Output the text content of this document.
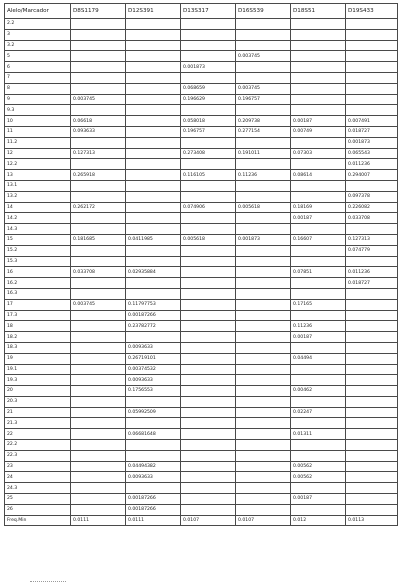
Alelo/Marcador	D8S1179	D12S391	D13S317	D16S539	D18S51	D19S433
2.2						
3						
3.2						
5				0.003745		
6			0.001873			
7						
8			0.068659	0.003745		
9	0.003745		0.196629	0.196757		
9.3						
10	0.06618		0.058018	0.209738	0.00187	0.007491
11	0.093633		0.196757	0.277154	0.00749	0.018727
11.2						0.001873
12	0.127313		0.273408	0.191011	0.07303	0.065543
12.2						0.011236
13	0.265918		0.116105	0.11236	0.08614	0.294007
13.1						
13.2						0.097378
14	0.262172		0.074906	0.005618	0.18169	0.226082
14.2					0.00187	0.033708
14.3						
15	0.181685	0.0411985	0.005618	0.001873	0.16607	0.127313
15.2						0.074779
15.3						
16	0.033708	0.02935884			0.07851	0.011236
16.2						0.018727
16.3						
17	0.003745	0.11797753			0.17165	
17.3		0.00187266				
18		0.23782772			0.11236	
18.2					0.00187	
18.3		0.0093633				
19		0.26719101			0.04494	
19.1		0.00374532				
19.3		0.0093633				
20		0.1756553			0.00462	
20.3						
21		0.05992509			0.02247	
21.3						
22		0.06681648			0.01311	
22.2						
22.3						
23		0.04494382			0.00562	
24		0.0093633			0.00562	
24.3						
25		0.00187266			0.00187	
26		0.00187266				
Freq.Min	0.0111	0.0111	0.0107	0.0107	0.012	0.0113
